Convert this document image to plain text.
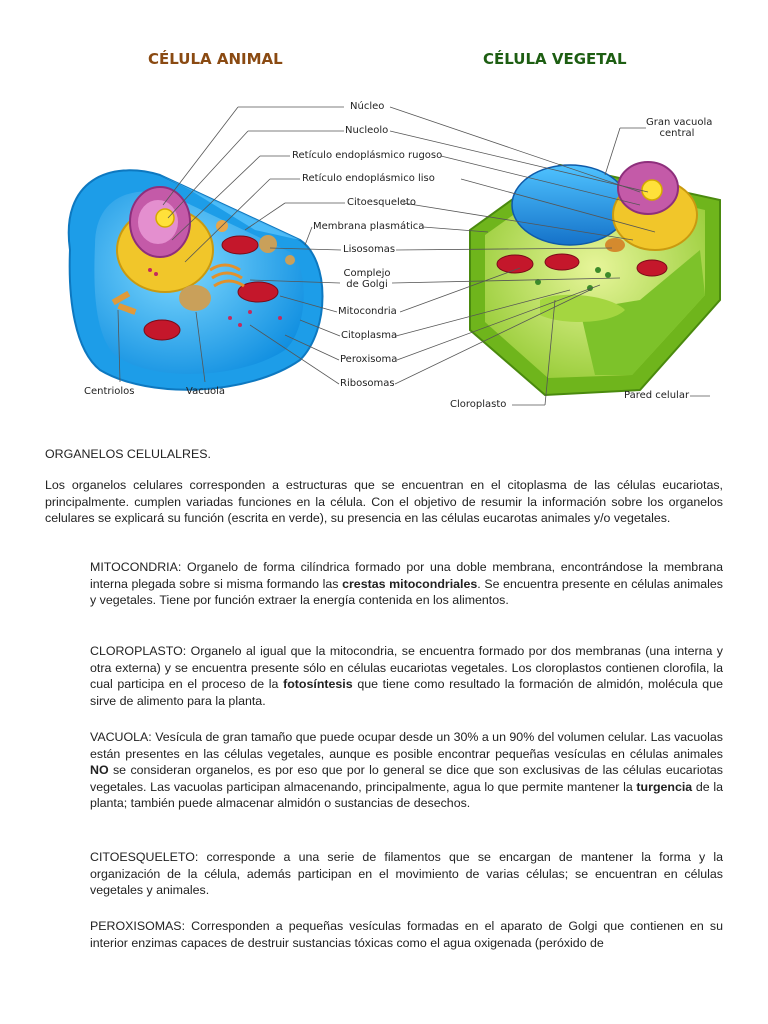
CÉLULA ANIMAL	CÉLULA VEGETAL
Núcleo
Nucleolo
Retículo endoplásmico rugoso
Retículo endoplásmico liso
Citoesqueleto
Membrana plasmática
Lisosomas
Complejo
de Golgi
Mitocondria
Citoplasma
Peroxisoma
Ribosomas
Centriolos	Vacuola
Gran vacuola
central
Cloroplasto
Pared celular
ORGANELOS CELULALRES.
Los organelos celulares corresponden a estructuras que se encuentran en el citoplasma de las células eucariotas, principalmente. cumplen variadas funciones en la célula. Con el objetivo de resumir la información sobre los organelos celulares se explicará su función (escrita en verde), su presencia en las células eucarotas animales y/o vegetales.
MITOCONDRIA: Organelo de forma cilíndrica formado por una doble membrana, encontrándose la membrana interna plegada sobre si misma formando las crestas mitocondriales. Se encuentra presente en células animales y vegetales. Tiene por función extraer la energía contenida en los alimentos.
CLOROPLASTO: Organelo al igual que la mitocondria, se encuentra formado por dos membranas (una interna y otra externa) y se encuentra presente sólo en células eucariotas vegetales. Los cloroplastos contienen clorofila, la cual participa en el proceso de la fotosíntesis que tiene como resultado la formación de almidón, molécula que sirve de alimento para la planta.
VACUOLA: Vesícula de gran tamaño que puede ocupar desde un 30% a un 90% del volumen celular. Las vacuolas están presentes en las células vegetales, aunque es posible encontrar pequeñas vesículas en células animales NO se consideran organelos, es por eso que por lo general se dice que son exclusivas de las células eucariotas vegetales. Las vacuolas participan almacenando, principalmente, agua lo que permite mantener la turgencia de la planta; también puede almacenar almidón o sustancias de desechos.
CITOESQUELETO: corresponde a una serie de filamentos que se encargan de mantener la forma y la organización de la célula, además participan en el movimiento de varias células; se encuentran en células vegetales y animales.
PEROXISOMAS: Corresponden a pequeñas vesículas formadas en el aparato de Golgi que contienen en su interior enzimas capaces de destruir sustancias tóxicas como el agua oxigenada (peróxido de
